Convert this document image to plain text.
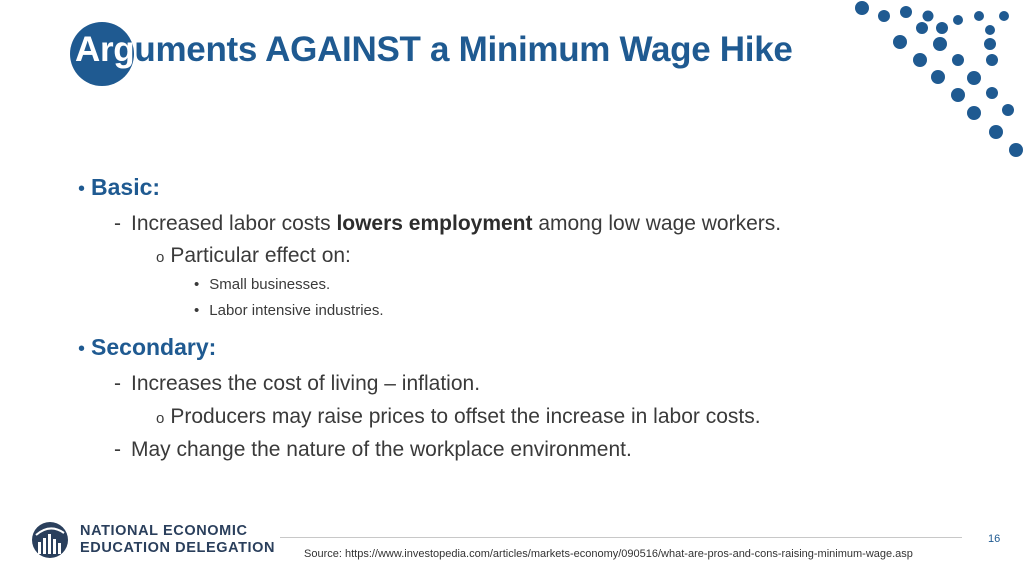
Arguments AGAINST a Minimum Wage Hike
• Basic:
- Increased labor costs lowers employment among low wage workers.
o Particular effect on:
• Small businesses.
• Labor intensive industries.
• Secondary:
- Increases the cost of living – inflation.
o Producers may raise prices to offset the increase in labor costs.
- May change the nature of the workplace environment.
NATIONAL ECONOMIC
EDUCATION DELEGATION
16
Source: https://www.investopedia.com/articles/markets-economy/090516/what-are-pros-and-cons-raising-minimum-wage.asp
